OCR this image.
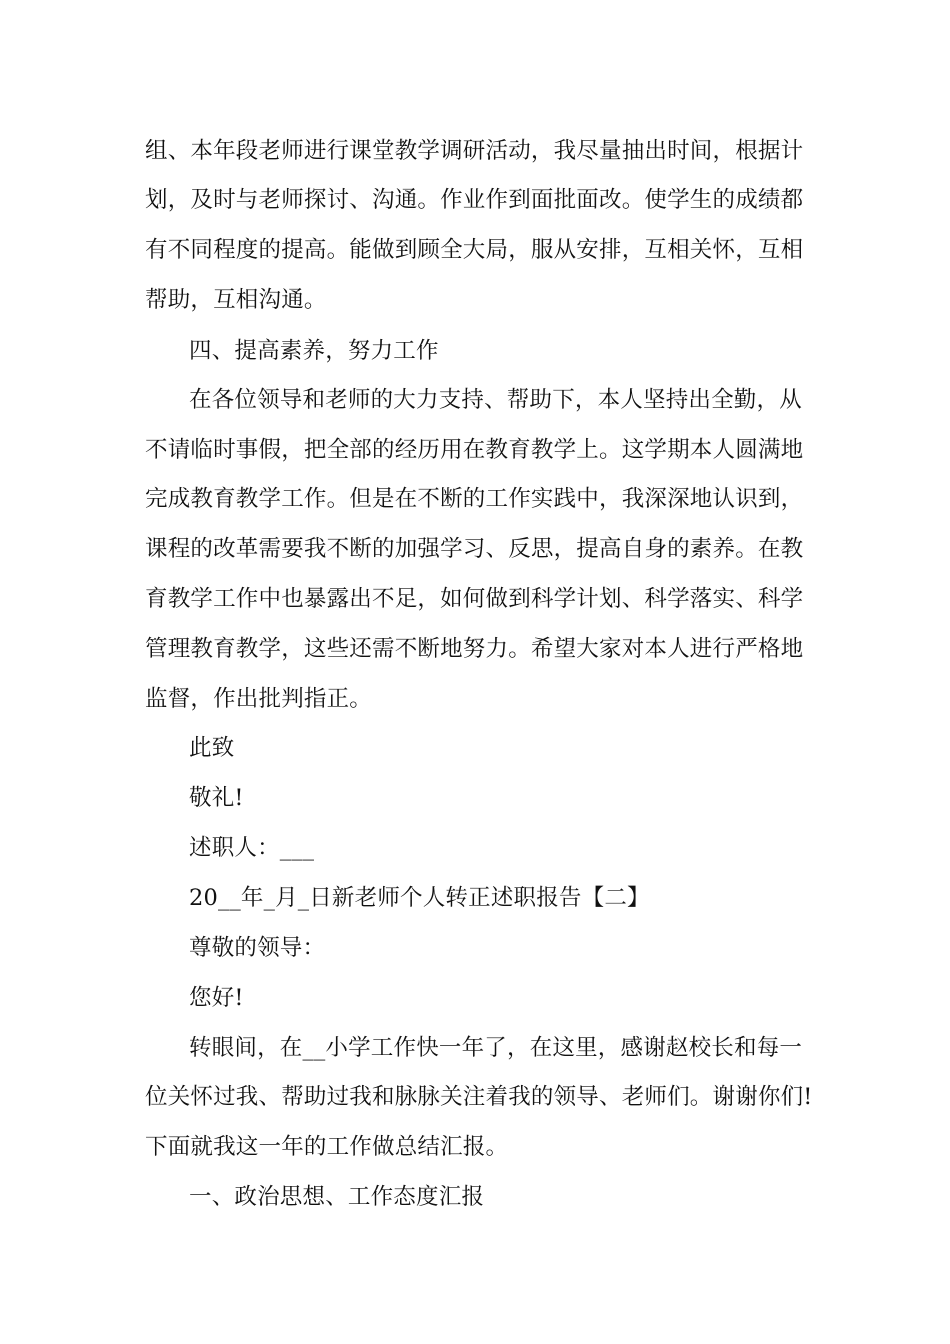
组、本年段老师进行课堂教学调研活动，我尽量抽出时间，根据计
划，及时与老师探讨、沟通。作业作到面批面改。使学生的成绩都
有不同程度的提高。能做到顾全大局，服从安排，互相关怀，互相
帮助，互相沟通。
四、提高素养，努力工作
在各位领导和老师的大力支持、帮助下，本人坚持出全勤，从
不请临时事假，把全部的经历用在教育教学上。这学期本人圆满地
完成教育教学工作。但是在不断的工作实践中，我深深地认识到，
课程的改革需要我不断的加强学习、反思，提高自身的素养。在教
育教学工作中也暴露出不足，如何做到科学计划、科学落实、科学
管理教育教学，这些还需不断地努力。希望大家对本人进行严格地
监督，作出批判指正。
此致
敬礼!
述职人：___
20__年_月_日新老师个人转正述职报告【二】
尊敬的领导：
您好!
转眼间，在__小学工作快一年了，在这里，感谢赵校长和每一
位关怀过我、帮助过我和脉脉关注着我的领导、老师们。谢谢你们!
下面就我这一年的工作做总结汇报。
一、政治思想、工作态度汇报
